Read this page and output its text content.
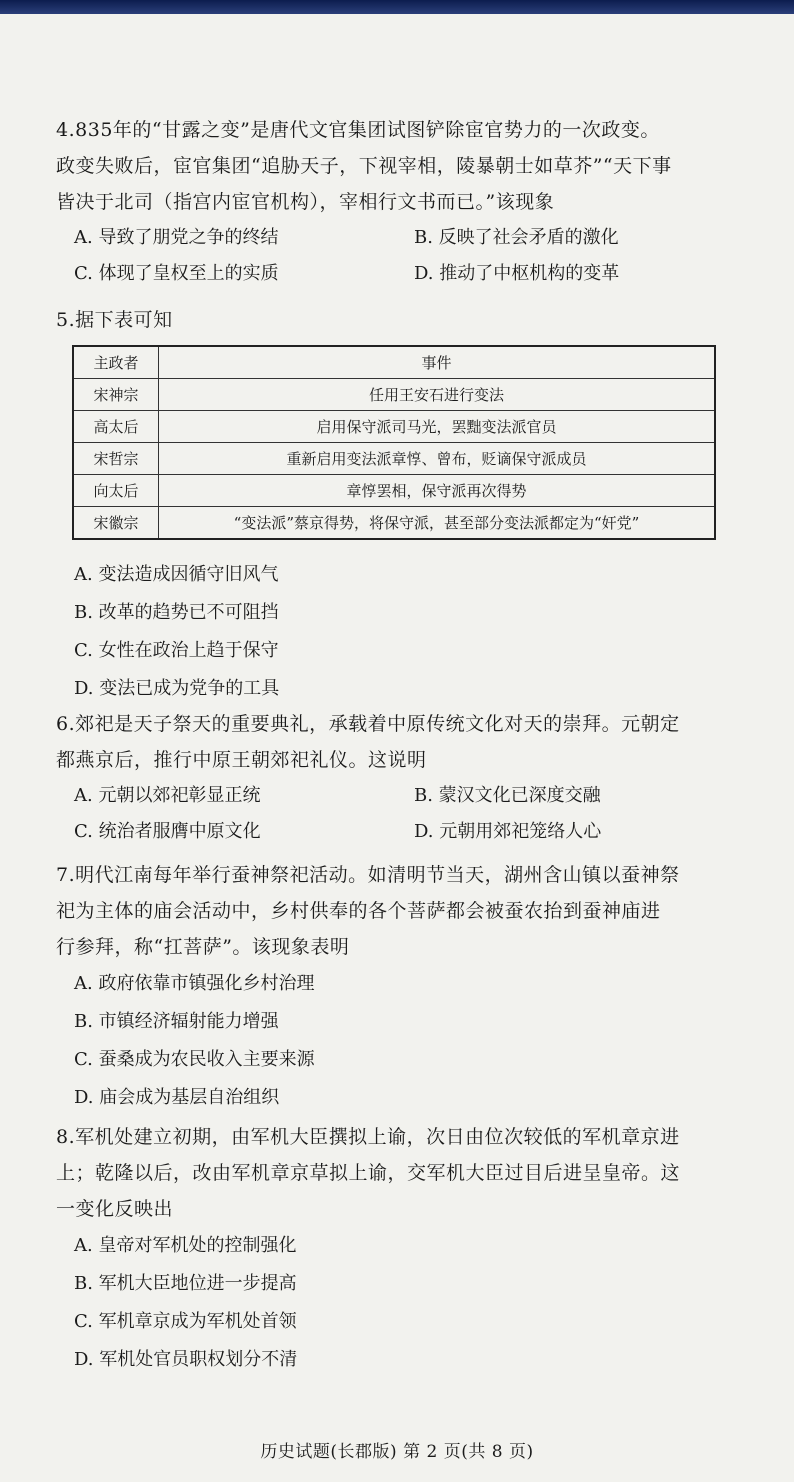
4.835年的“甘露之变”是唐代文官集团试图铲除宦官势力的一次政变。

政变失败后，宦官集团“追胁天子，下视宰相，陵暴朝士如草芥”“天下事

皆决于北司（指宫内宦官机构），宰相行文书而已。”该现象

A. 导致了朋党之争的终结	B. 反映了社会矛盾的激化
C. 体现了皇权至上的实质	D. 推动了中枢机构的变革

5.据下表可知

主政者	事件
宋神宗	任用王安石进行变法
高太后	启用保守派司马光，罢黜变法派官员
宋哲宗	重新启用变法派章惇、曾布，贬谪保守派成员
向太后	章惇罢相，保守派再次得势
宋徽宗	“变法派”蔡京得势，将保守派，甚至部分变法派都定为“奸党”
A. 变法造成因循守旧风气
B. 改革的趋势已不可阻挡
C. 女性在政治上趋于保守
D. 变法已成为党争的工具

6.郊祀是天子祭天的重要典礼，承载着中原传统文化对天的崇拜。元朝定

都燕京后，推行中原王朝郊祀礼仪。这说明

A. 元朝以郊祀彰显正统	B. 蒙汉文化已深度交融
C. 统治者服膺中原文化	D. 元朝用郊祀笼络人心

7.明代江南每年举行蚕神祭祀活动。如清明节当天，湖州含山镇以蚕神祭

祀为主体的庙会活动中，乡村供奉的各个菩萨都会被蚕农抬到蚕神庙进

行参拜，称“扛菩萨”。该现象表明

A. 政府依靠市镇强化乡村治理
B. 市镇经济辐射能力增强
C. 蚕桑成为农民收入主要来源
D. 庙会成为基层自治组织

8.军机处建立初期，由军机大臣撰拟上谕，次日由位次较低的军机章京进

上；乾隆以后，改由军机章京草拟上谕，交军机大臣过目后进呈皇帝。这

一变化反映出

A. 皇帝对军机处的控制强化
B. 军机大臣地位进一步提高
C. 军机章京成为军机处首领
D. 军机处官员职权划分不清
历史试题(长郡版) 第 2 页(共 8 页)
